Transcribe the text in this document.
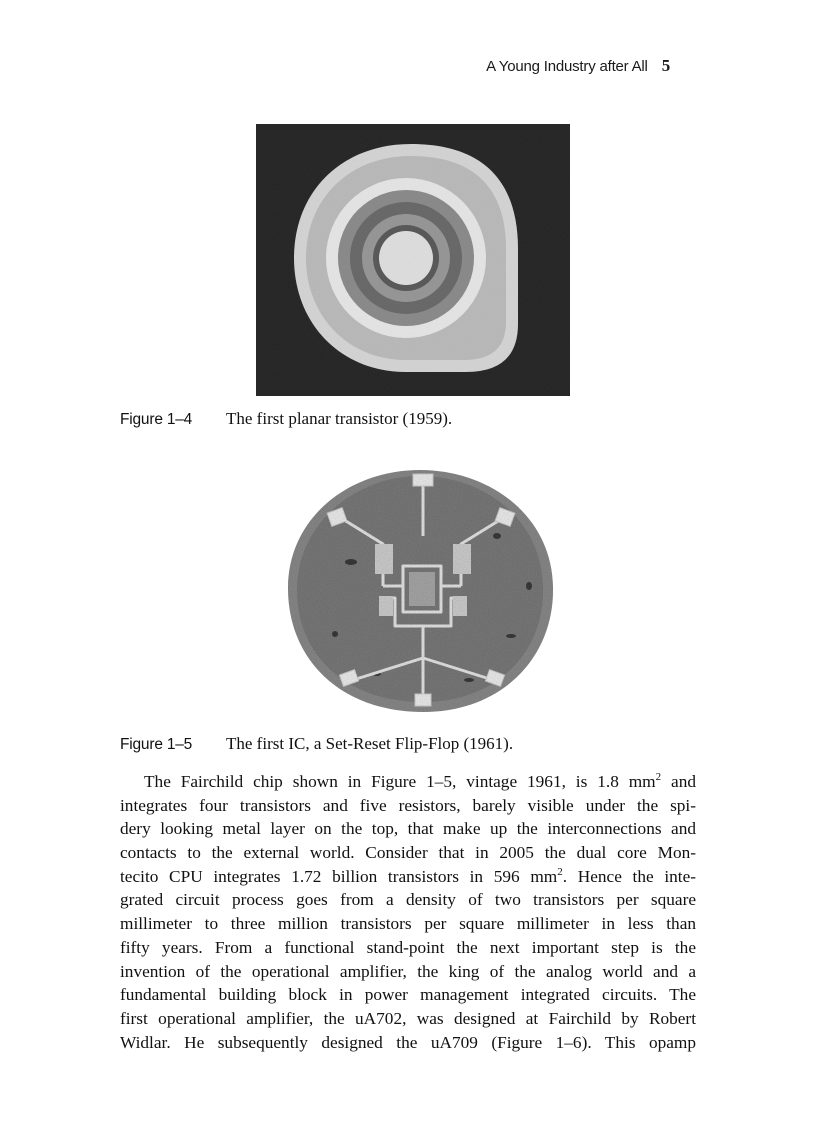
A Young Industry after All 5
Figure 1–4	The first planar transistor (1959).
Figure 1–5	The first IC, a Set-Reset Flip-Flop (1961).
The Fairchild chip shown in Figure 1–5, vintage 1961, is 1.8 $mm^2$ and
integrates four transistors and five resistors, barely visible under the spi-
dery looking metal layer on the top, that make up the interconnections and
contacts to the external world. Consider that in 2005 the dual core Mon-
tecito CPU integrates 1.72 billion transistors in 596 $mm^2$. Hence the inte-
grated circuit process goes from a density of two transistors per square
millimeter to three million transistors per square millimeter in less than
fifty years. From a functional stand-point the next important step is the
invention of the operational amplifier, the king of the analog world and a
fundamental building block in power management integrated circuits. The
first operational amplifier, the uA702, was designed at Fairchild by Robert
Widlar. He subsequently designed the uA709 (Figure 1–6). This opamp
